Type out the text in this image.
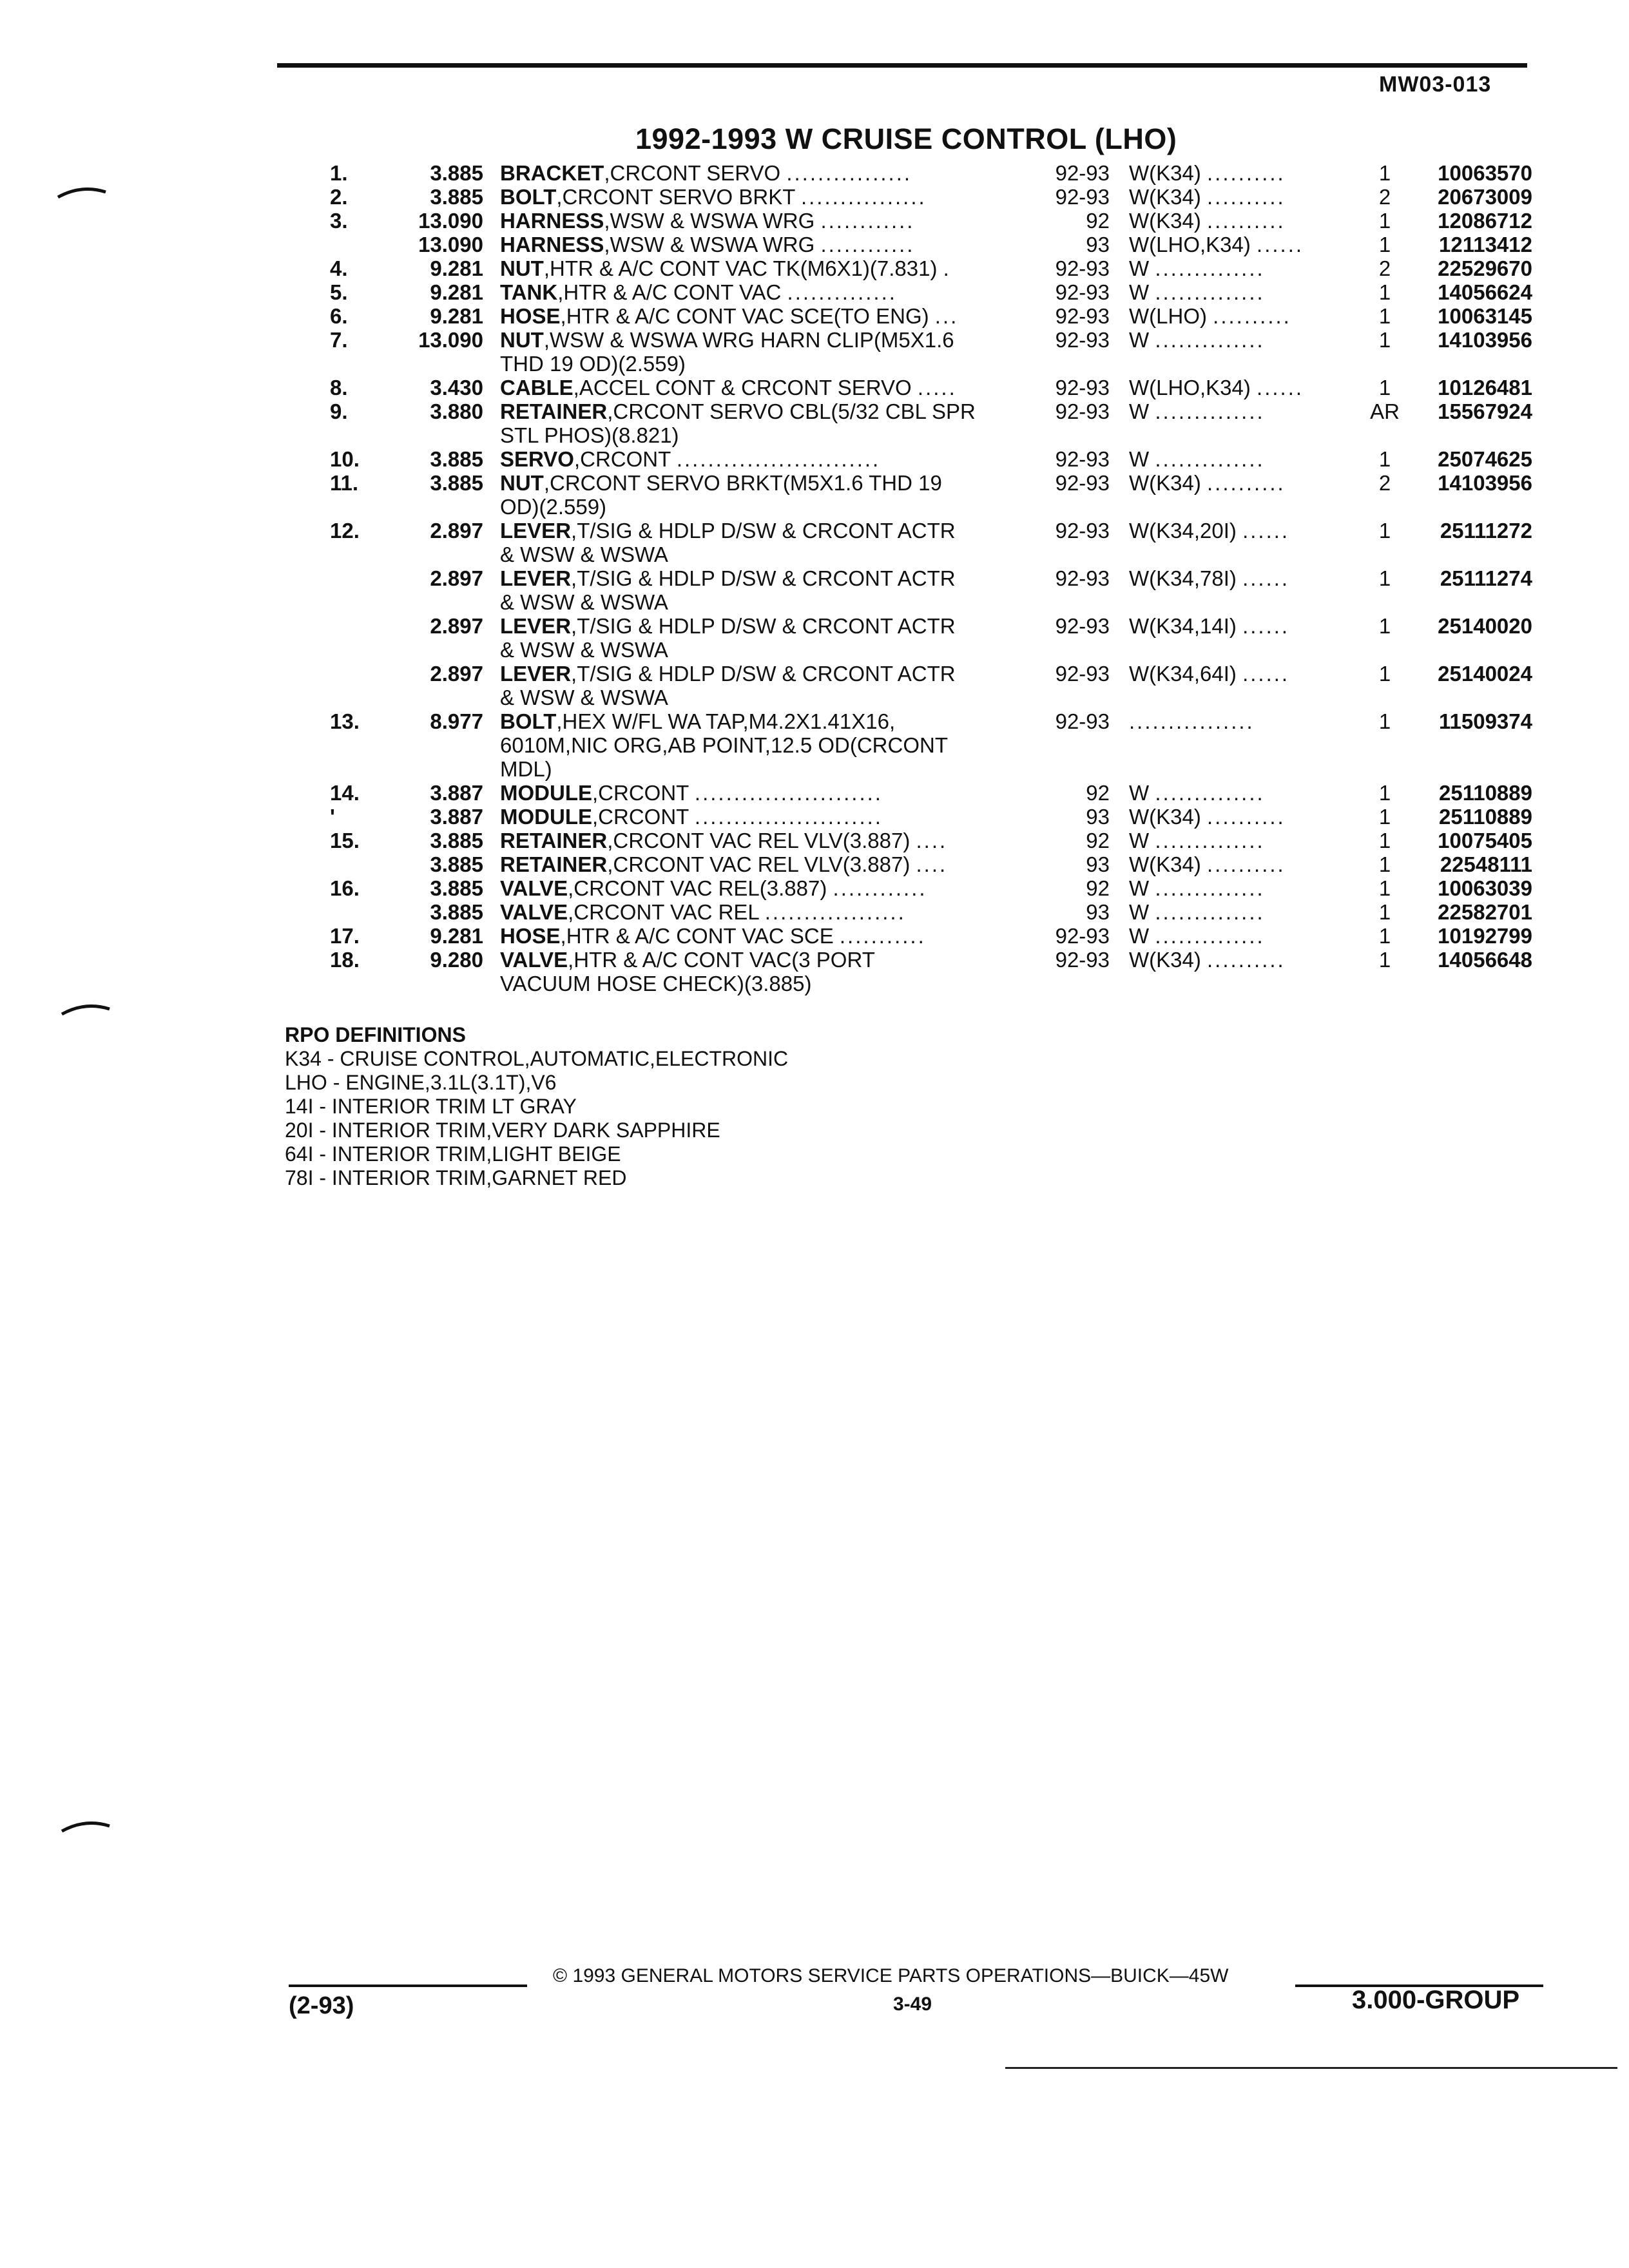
MW03-013
1992-1993 W CRUISE CONTROL (LHO)
1.	3.885 BRACKET,CRCONT SERVO ................	92-93 W(K34) ..........	1	10063570
2.	3.885 BOLT,CRCONT SERVO BRKT ................	92-93 W(K34) ..........	2	20673009
3.	13.090 HARNESS,WSW & WSWA WRG ............	92 W(K34) ..........	1	12086712
13.090 HARNESS,WSW & WSWA WRG ............	93 W(LHO,K34) ......	1	12113412
4.	9.281 NUT,HTR & A/C CONT VAC TK(M6X1)(7.831) .	92-93 W ..............	2	22529670
5.	9.281 TANK,HTR & A/C CONT VAC ..............	92-93 W ..............	1	14056624
6.	9.281 HOSE,HTR & A/C CONT VAC SCE(TO ENG) ...	92-93 W(LHO) ..........	1	10063145
7.	13.090 NUT,WSW & WSWA WRG HARN CLIP(M5X1.6	92-93 W ..............	1	14103956
THD 19 OD)(2.559)
8.	3.430 CABLE,ACCEL CONT & CRCONT SERVO .....	92-93 W(LHO,K34) ......	1	10126481
9.	3.880 RETAINER,CRCONT SERVO CBL(5/32 CBL SPR	92-93 W ..............	AR	15567924
STL PHOS)(8.821)
10.	3.885 SERVO,CRCONT ..........................	92-93 W ..............	1	25074625
11.	3.885 NUT,CRCONT SERVO BRKT(M5X1.6 THD 19	92-93 W(K34) ..........	2	14103956
OD)(2.559)
12.	2.897 LEVER,T/SIG & HDLP D/SW & CRCONT ACTR	92-93 W(K34,20I) ......	1	25111272
& WSW & WSWA
2.897 LEVER,T/SIG & HDLP D/SW & CRCONT ACTR	92-93 W(K34,78I) ......	1	25111274
& WSW & WSWA
2.897 LEVER,T/SIG & HDLP D/SW & CRCONT ACTR	92-93 W(K34,14I) ......	1	25140020
& WSW & WSWA
2.897 LEVER,T/SIG & HDLP D/SW & CRCONT ACTR	92-93 W(K34,64I) ......	1	25140024
& WSW & WSWA
13.	8.977 BOLT,HEX W/FL WA TAP,M4.2X1.41X16,	92-93 ................	1	11509374
6010M,NIC ORG,AB POINT,12.5 OD(CRCONT
MDL)
14.	3.887 MODULE,CRCONT ........................	92 W ..............	1	25110889
'	3.887 MODULE,CRCONT ........................	93 W(K34) ..........	1	25110889
15.	3.885 RETAINER,CRCONT VAC REL VLV(3.887) ....	92 W ..............	1	10075405
3.885 RETAINER,CRCONT VAC REL VLV(3.887) ....	93 W(K34) ..........	1	22548111
16.	3.885 VALVE,CRCONT VAC REL(3.887) ............	92 W ..............	1	10063039
3.885 VALVE,CRCONT VAC REL ..................	93 W ..............	1	22582701
17.	9.281 HOSE,HTR & A/C CONT VAC SCE ...........	92-93 W ..............	1	10192799
18.	9.280 VALVE,HTR & A/C CONT VAC(3 PORT	92-93 W(K34) ..........	1	14056648
VACUUM HOSE CHECK)(3.885)
RPO DEFINITIONS
K34 - CRUISE CONTROL,AUTOMATIC,ELECTRONIC
LHO - ENGINE,3.1L(3.1T),V6
14I - INTERIOR TRIM LT GRAY
20I - INTERIOR TRIM,VERY DARK SAPPHIRE
64I - INTERIOR TRIM,LIGHT BEIGE
78I - INTERIOR TRIM,GARNET RED
© 1993 GENERAL MOTORS SERVICE PARTS OPERATIONS—BUICK—45W
(2-93)	3-49	3.000-GROUP
